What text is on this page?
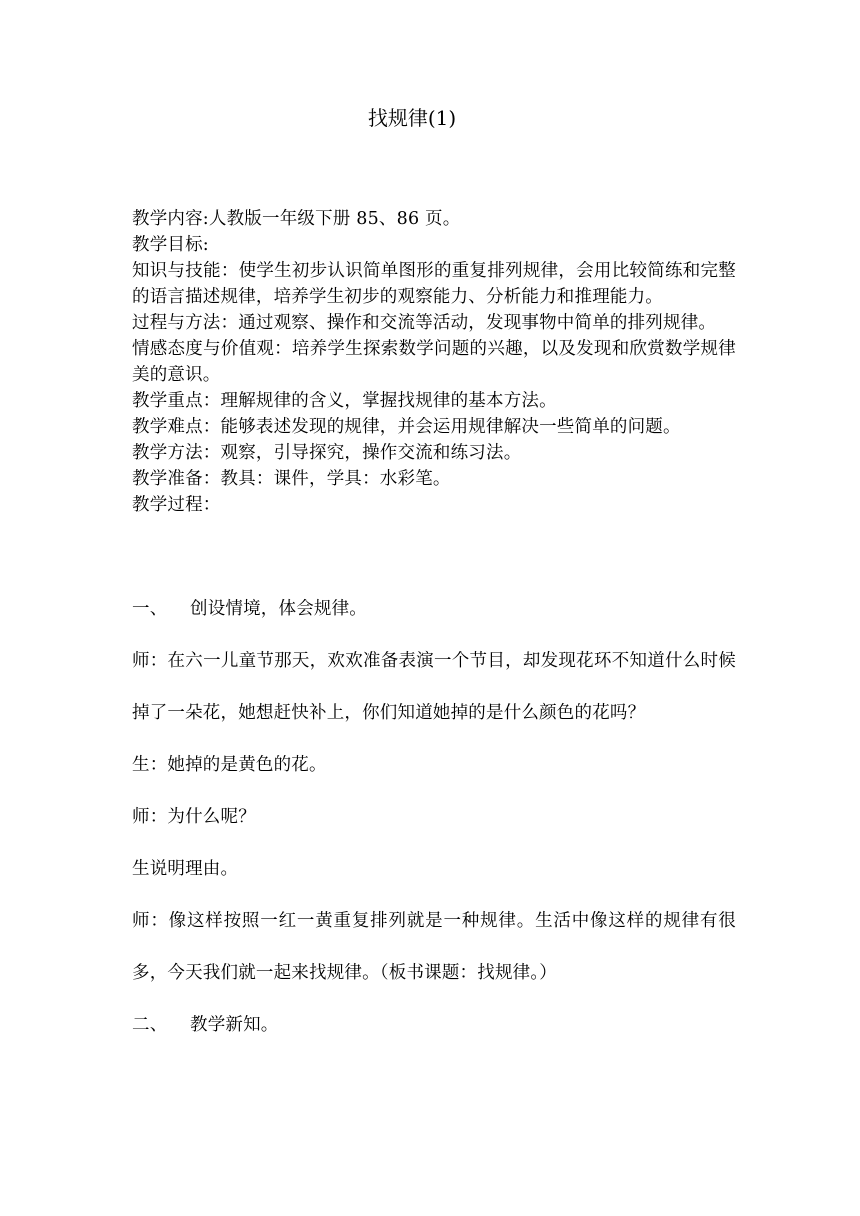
找规律(1)

教学内容:人教版一年级下册 85、86 页。

教学目标:

知识与技能：使学生初步认识简单图形的重复排列规律，会用比较简练和完整的语言描述规律，培养学生初步的观察能力、分析能力和推理能力。

过程与方法：通过观察、操作和交流等活动，发现事物中简单的排列规律。

情感态度与价值观：培养学生探索数学问题的兴趣，以及发现和欣赏数学规律美的意识。

教学重点：理解规律的含义，掌握找规律的基本方法。

教学难点：能够表述发现的规律，并会运用规律解决一些简单的问题。

教学方法：观察，引导探究，操作交流和练习法。

教学准备：教具：课件，学具：水彩笔。

教学过程：

一、 创设情境，体会规律。

师：在六一儿童节那天，欢欢准备表演一个节目，却发现花环不知道什么时候掉了一朵花，她想赶快补上，你们知道她掉的是什么颜色的花吗？

生：她掉的是黄色的花。

师：为什么呢？

生说明理由。

师：像这样按照一红一黄重复排列就是一种规律。生活中像这样的规律有很多，今天我们就一起来找规律。（板书课题：找规律。）

二、 教学新知。
